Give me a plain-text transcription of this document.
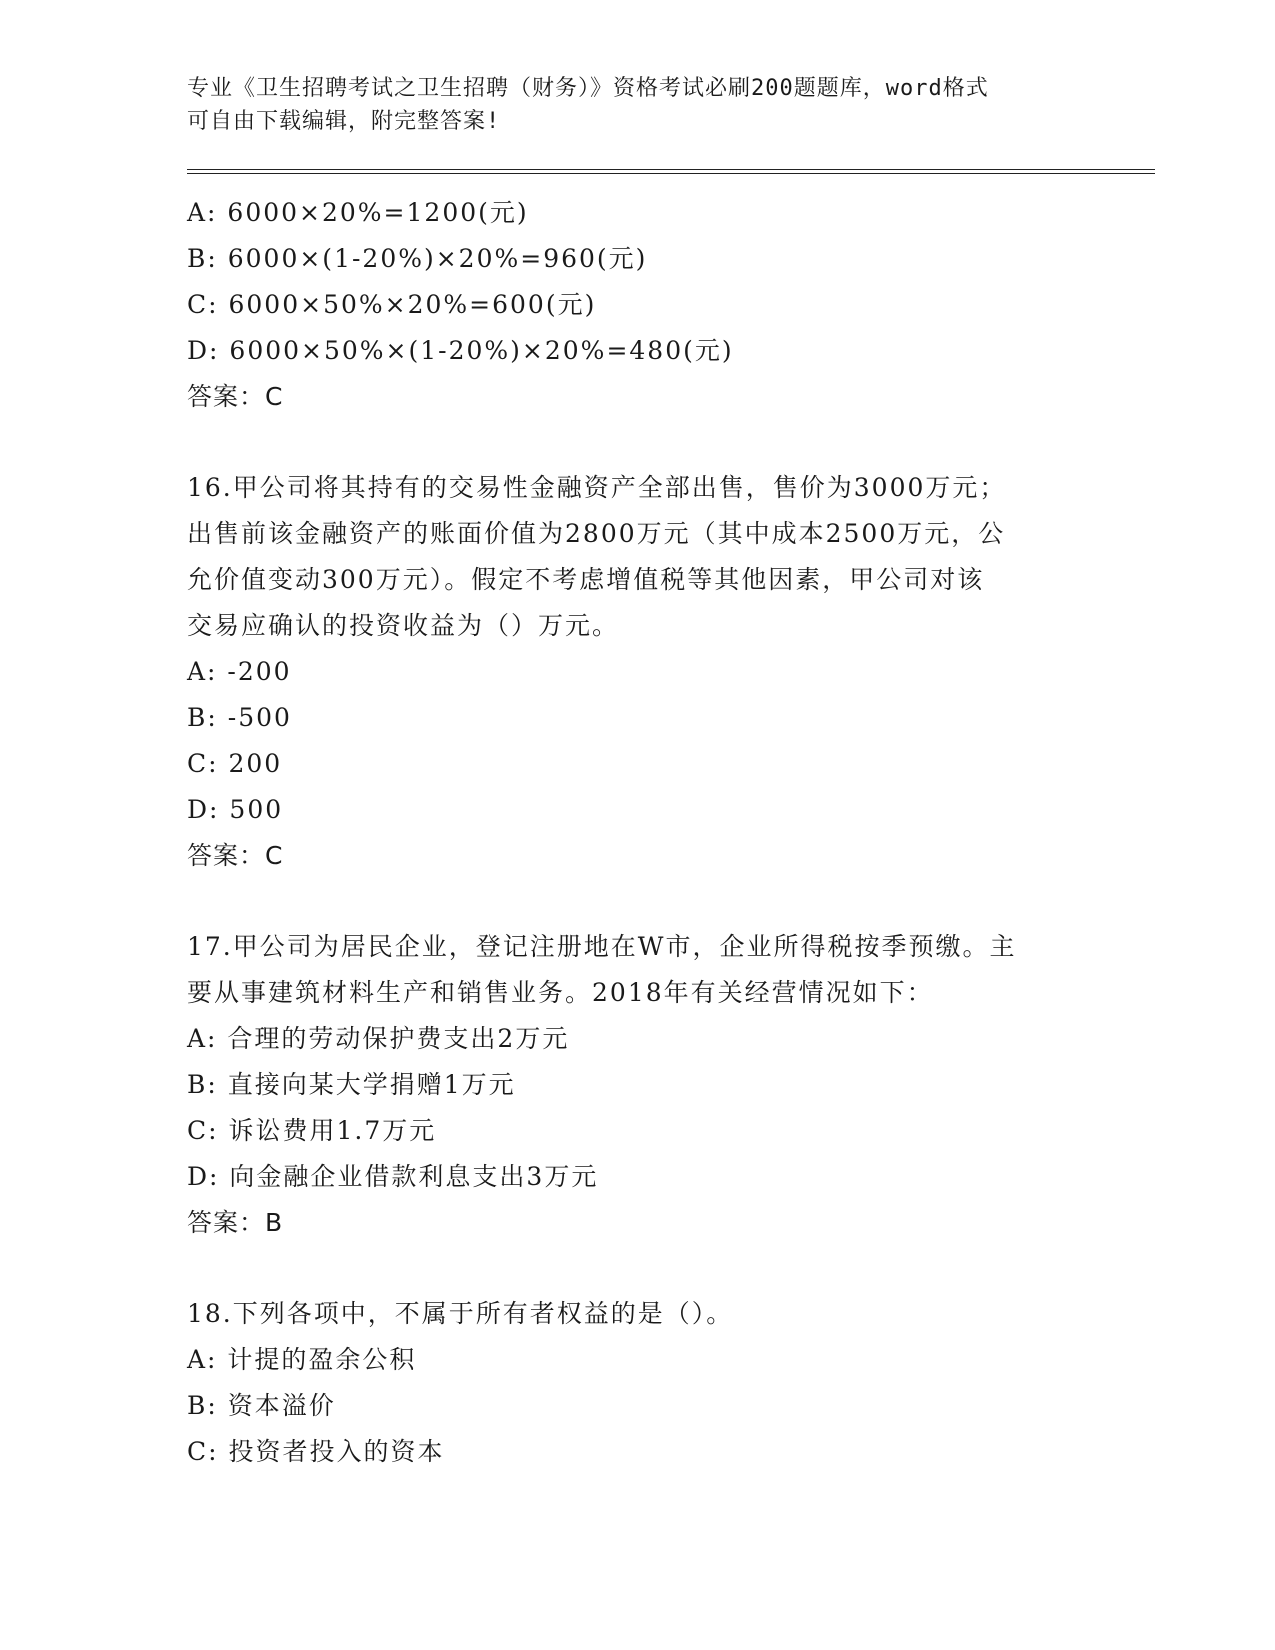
专业《卫生招聘考试之卫生招聘（财务）》资格考试必刷200题题库，word格式
可自由下载编辑，附完整答案!
A: 6000×20%=1200(元)
B: 6000×(1-20%)×20%=960(元)
C: 6000×50%×20%=600(元)
D: 6000×50%×(1-20%)×20%=480(元)
答案：C
16.甲公司将其持有的交易性金融资产全部出售，售价为3000万元；
出售前该金融资产的账面价值为2800万元（其中成本2500万元，公
允价值变动300万元）。假定不考虑增值税等其他因素，甲公司对该
交易应确认的投资收益为（）万元。
A: -200
B: -500
C: 200
D: 500
答案：C
17.甲公司为居民企业，登记注册地在W市，企业所得税按季预缴。主
要从事建筑材料生产和销售业务。2018年有关经营情况如下：
A: 合理的劳动保护费支出2万元
B: 直接向某大学捐赠1万元
C: 诉讼费用1.7万元
D: 向金融企业借款利息支出3万元
答案：B
18.下列各项中，不属于所有者权益的是（）。
A: 计提的盈余公积
B: 资本溢价
C: 投资者投入的资本
